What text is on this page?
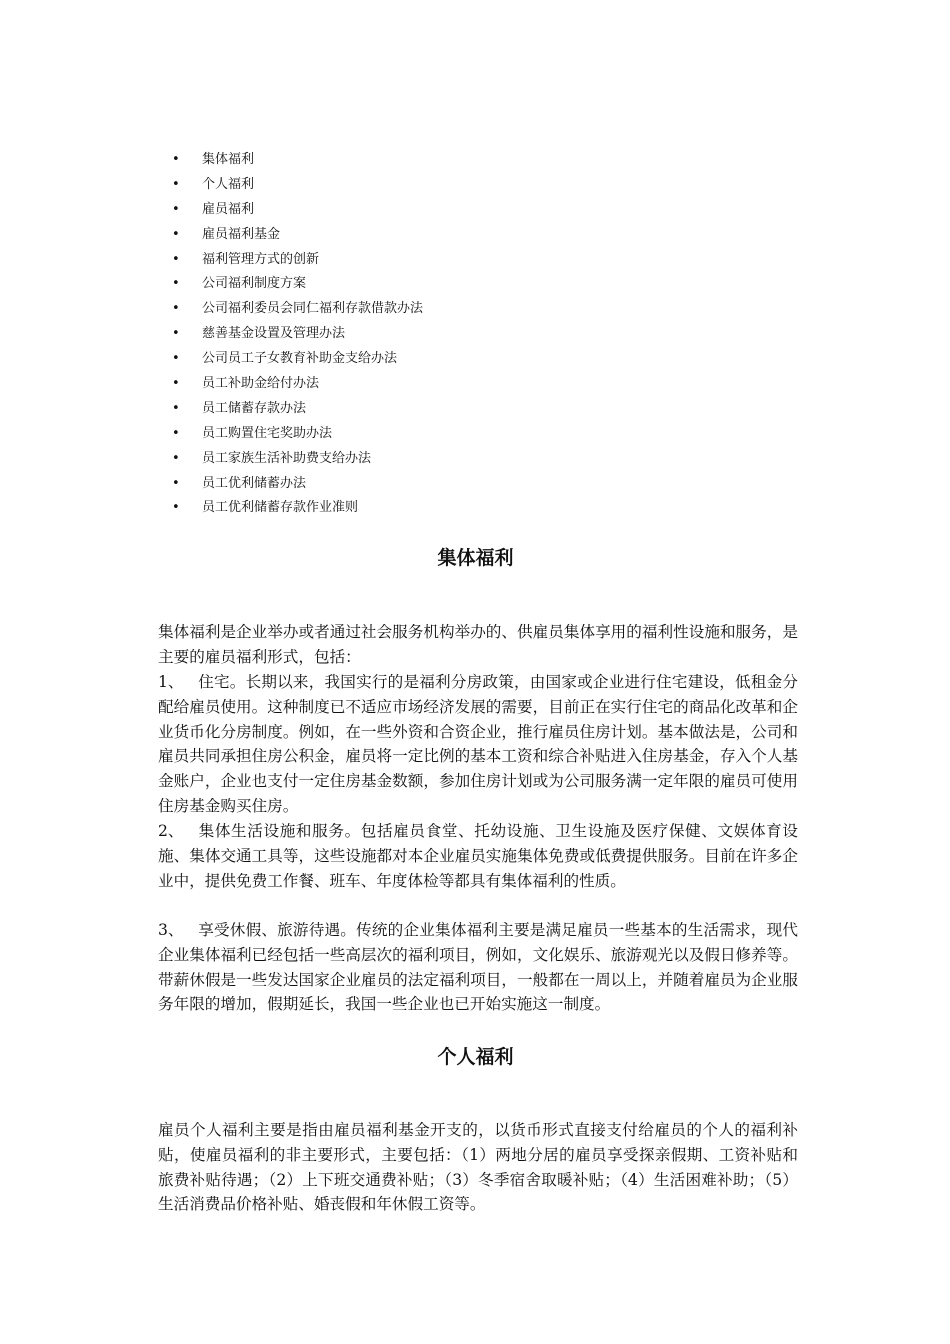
• 集体福利
• 个人福利
• 雇员福利
• 雇员福利基金
• 福利管理方式的创新
• 公司福利制度方案
• 公司福利委员会同仁福利存款借款办法
• 慈善基金设置及管理办法
• 公司员工子女教育补助金支给办法
• 员工补助金给付办法
• 员工储蓄存款办法
• 员工购置住宅奖助办法
• 员工家族生活补助费支给办法
• 员工优利储蓄办法
• 员工优利储蓄存款作业准则
集体福利

集体福利是企业举办或者通过社会服务机构举办的、供雇员集体享用的福利性设施和服务，是主要的雇员福利形式，包括：

1、 住宅。长期以来，我国实行的是福利分房政策，由国家或企业进行住宅建设，低租金分配给雇员使用。这种制度已不适应市场经济发展的需要，目前正在实行住宅的商品化改革和企业货币化分房制度。例如，在一些外资和合资企业，推行雇员住房计划。基本做法是，公司和雇员共同承担住房公积金，雇员将一定比例的基本工资和综合补贴进入住房基金，存入个人基金账户，企业也支付一定住房基金数额，参加住房计划或为公司服务满一定年限的雇员可使用住房基金购买住房。

2、 集体生活设施和服务。包括雇员食堂、托幼设施、卫生设施及医疗保健、文娱体育设施、集体交通工具等，这些设施都对本企业雇员实施集体免费或低费提供服务。目前在许多企业中，提供免费工作餐、班车、年度体检等都具有集体福利的性质。

3、 享受休假、旅游待遇。传统的企业集体福利主要是满足雇员一些基本的生活需求，现代企业集体福利已经包括一些高层次的福利项目，例如，文化娱乐、旅游观光以及假日修养等。带薪休假是一些发达国家企业雇员的法定福利项目，一般都在一周以上，并随着雇员为企业服务年限的增加，假期延长，我国一些企业也已开始实施这一制度。

个人福利

雇员个人福利主要是指由雇员福利基金开支的，以货币形式直接支付给雇员的个人的福利补贴，使雇员福利的非主要形式，主要包括：（1）两地分居的雇员享受探亲假期、工资补贴和旅费补贴待遇；（2）上下班交通费补贴；（3）冬季宿舍取暖补贴；（4）生活困难补助；（5）生活消费品价格补贴、婚丧假和年休假工资等。
